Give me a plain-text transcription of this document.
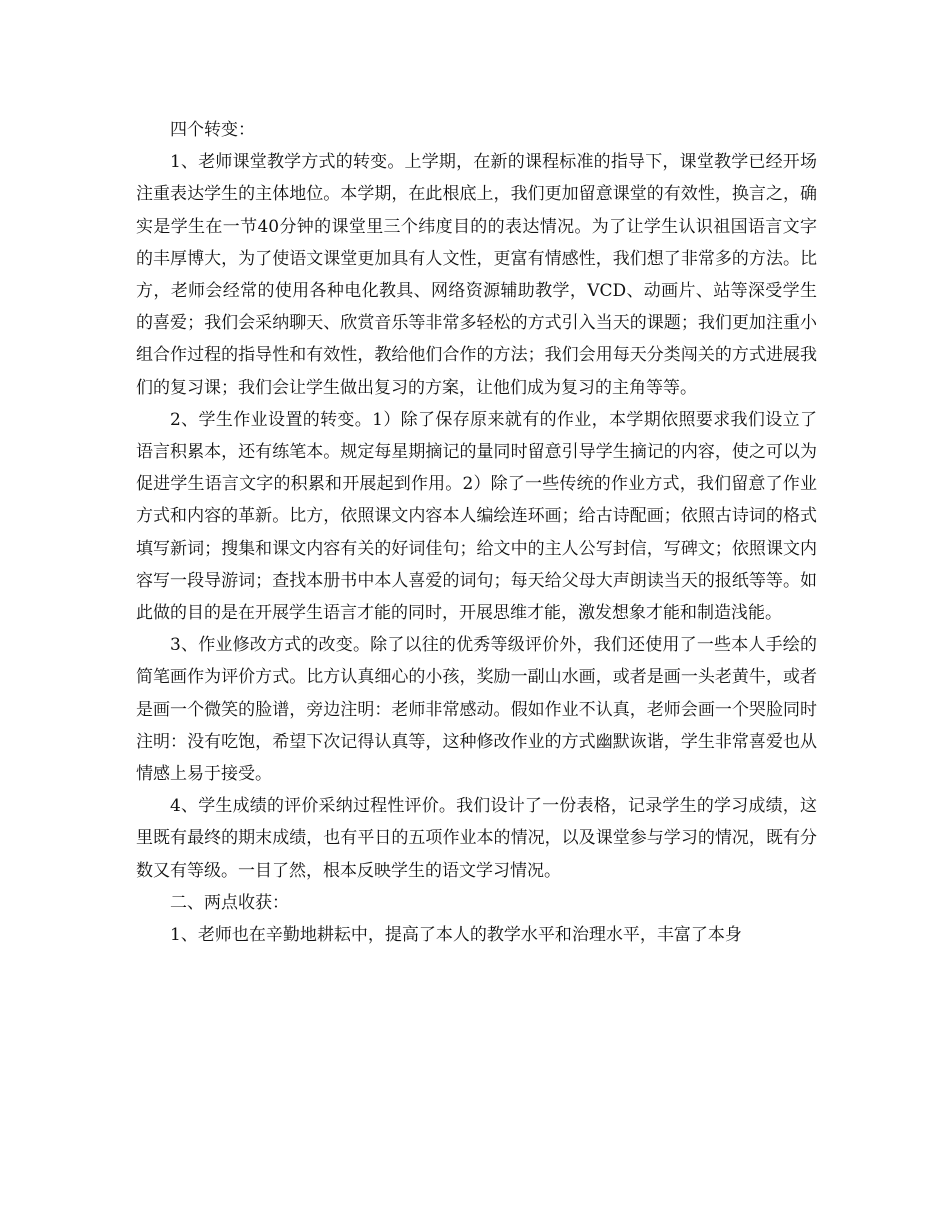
四个转变：

1、老师课堂教学方式的转变。上学期，在新的课程标准的指导下，课堂教学已经开场注重表达学生的主体地位。本学期，在此根底上，我们更加留意课堂的有效性，换言之，确实是学生在一节40分钟的课堂里三个纬度目的的表达情况。为了让学生认识祖国语言文字的丰厚博大，为了使语文课堂更加具有人文性，更富有情感性，我们想了非常多的方法。比方，老师会经常的使用各种电化教具、网络资源辅助教学，VCD、动画片、站等深受学生的喜爱；我们会采纳聊天、欣赏音乐等非常多轻松的方式引入当天的课题；我们更加注重小组合作过程的指导性和有效性，教给他们合作的方法；我们会用每天分类闯关的方式进展我们的复习课；我们会让学生做出复习的方案，让他们成为复习的主角等等。

2、学生作业设置的转变。1）除了保存原来就有的作业，本学期依照要求我们设立了语言积累本，还有练笔本。规定每星期摘记的量同时留意引导学生摘记的内容，使之可以为促进学生语言文字的积累和开展起到作用。2）除了一些传统的作业方式，我们留意了作业方式和内容的革新。比方，依照课文内容本人编绘连环画；给古诗配画；依照古诗词的格式填写新词；搜集和课文内容有关的好词佳句；给文中的主人公写封信，写碑文；依照课文内容写一段导游词；查找本册书中本人喜爱的词句；每天给父母大声朗读当天的报纸等等。如此做的目的是在开展学生语言才能的同时，开展思维才能，激发想象才能和制造浅能。

3、作业修改方式的改变。除了以往的优秀等级评价外，我们还使用了一些本人手绘的简笔画作为评价方式。比方认真细心的小孩，奖励一副山水画，或者是画一头老黄牛，或者是画一个微笑的脸谱，旁边注明：老师非常感动。假如作业不认真，老师会画一个哭脸同时注明：没有吃饱，希望下次记得认真等，这种修改作业的方式幽默诙谐，学生非常喜爱也从情感上易于接受。

4、学生成绩的评价采纳过程性评价。我们设计了一份表格，记录学生的学习成绩，这里既有最终的期末成绩，也有平日的五项作业本的情况，以及课堂参与学习的情况，既有分数又有等级。一目了然，根本反映学生的语文学习情况。

二、两点收获：

1、老师也在辛勤地耕耘中，提高了本人的教学水平和治理水平，丰富了本身
